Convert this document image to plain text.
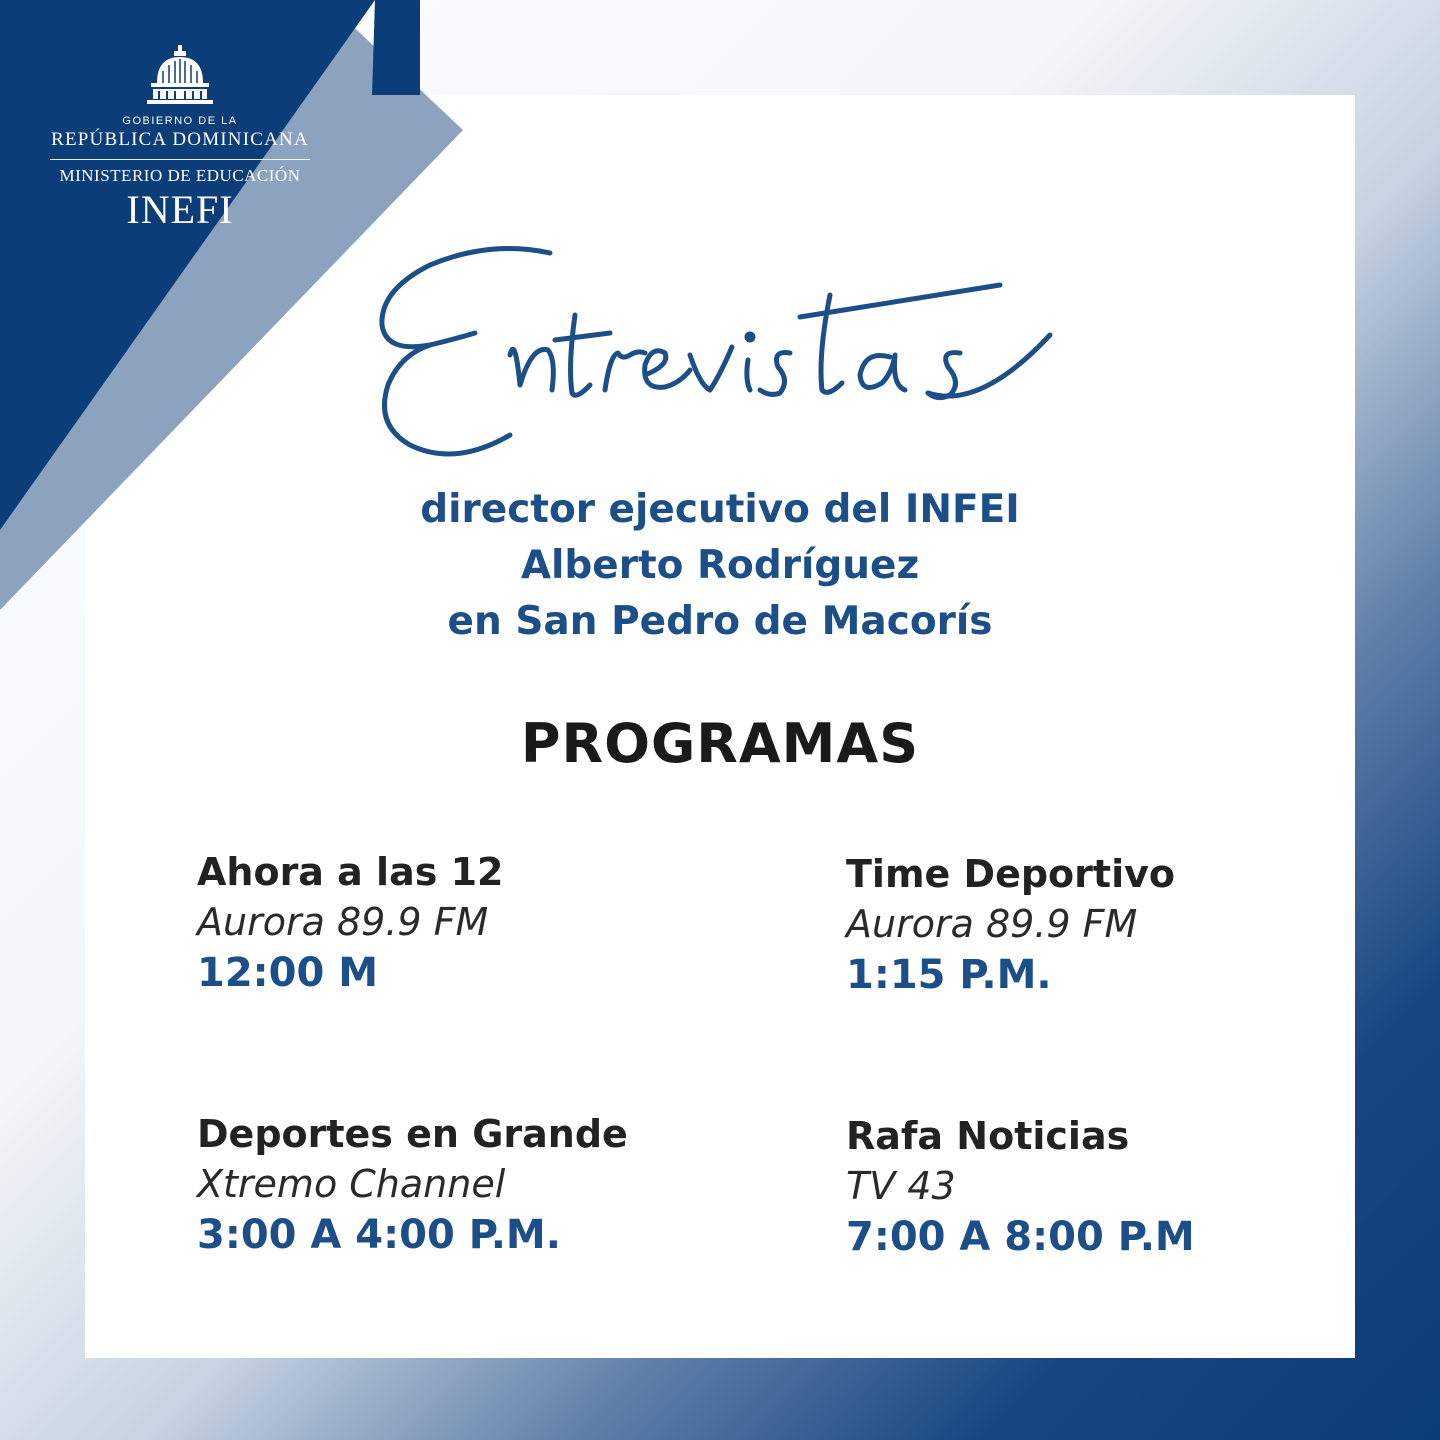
GOBIERNO DE LA
REPÚBLICA DOMINICANA
MINISTERIO DE EDUCACIÓN
INEFI
director ejecutivo del INFEI
Alberto Rodríguez
en San Pedro de Macorís
PROGRAMAS
Ahora a las 12
Aurora 89.9 FM
12:00 M
Time Deportivo
Aurora 89.9 FM
1:15 P.M.
Deportes en Grande
Xtremo Channel
3:00 A 4:00 P.M.
Rafa Noticias
TV 43
7:00 A 8:00 P.M
